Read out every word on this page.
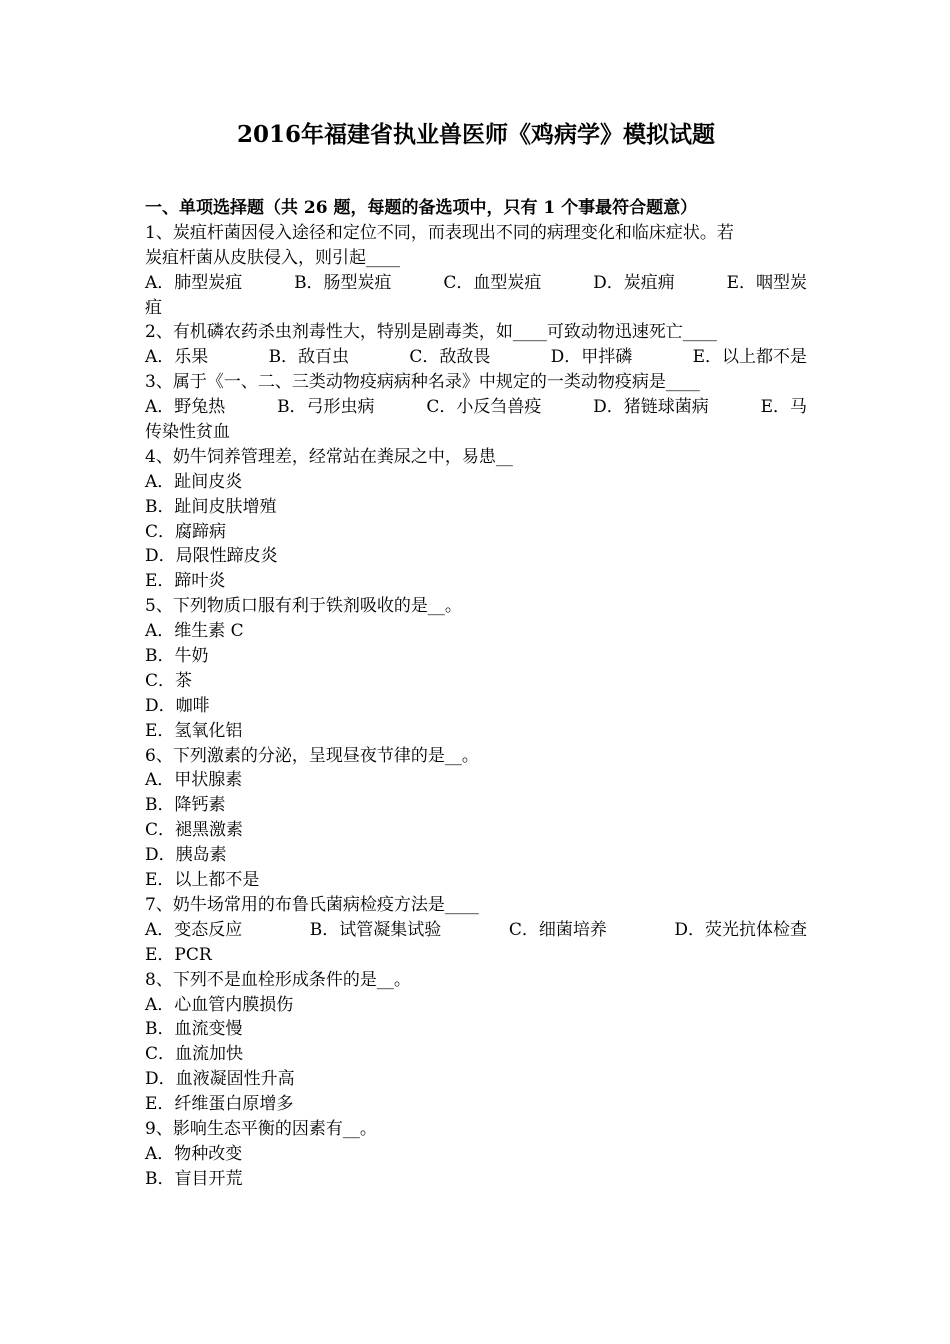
2016年福建省执业兽医师《鸡病学》模拟试题
一、单项选择题（共 26 题，每题的备选项中，只有 1 个事最符合题意）
1、炭疽杆菌因侵入途径和定位不同，而表现出不同的病理变化和临床症状。若
炭疽杆菌从皮肤侵入，则引起____
A．肺型炭疽	B．肠型炭疽	C．血型炭疽	D．炭疽痈	E．咽型炭
疽
2、有机磷农药杀虫剂毒性大，特别是剧毒类，如____可致动物迅速死亡____
A．乐果	B．敌百虫	C．敌敌畏	D．甲拌磷	E．以上都不是
3、属于《一、二、三类动物疫病病种名录》中规定的一类动物疫病是____
A．野兔热	B．弓形虫病	C．小反刍兽疫	D．猪链球菌病	E．马
传染性贫血
4、奶牛饲养管理差，经常站在粪尿之中，易患__
A．趾间皮炎
B．趾间皮肤增殖
C．腐蹄病
D．局限性蹄皮炎
E．蹄叶炎
5、下列物质口服有利于铁剂吸收的是__。
A．维生素 C
B．牛奶
C．茶
D．咖啡
E．氢氧化铝
6、下列激素的分泌，呈现昼夜节律的是__。
A．甲状腺素
B．降钙素
C．褪黑激素
D．胰岛素
E．以上都不是
7、奶牛场常用的布鲁氏菌病检疫方法是____
A．变态反应	B．试管凝集试验	C．细菌培养	D．荧光抗体检查
E．PCR
8、下列不是血栓形成条件的是__。
A．心血管内膜损伤
B．血流变慢
C．血流加快
D．血液凝固性升高
E．纤维蛋白原增多
9、影响生态平衡的因素有__。
A．物种改变
B．盲目开荒
